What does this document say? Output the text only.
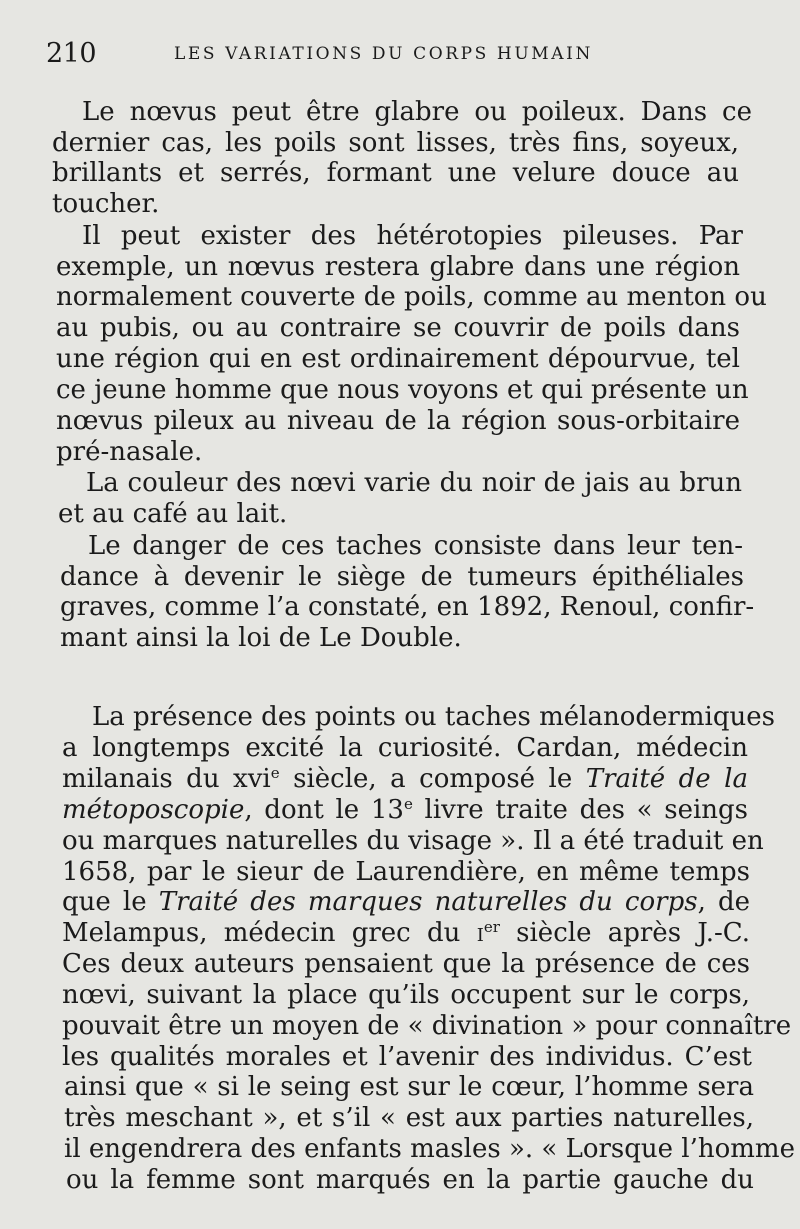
210	LES VARIATIONS DU CORPS HUMAIN
Le nœvus peut être glabre ou poileux. Dans ce
dernier cas, les poils sont lisses, très fins, soyeux,
brillants et serrés, formant une velure douce au
toucher.
Il peut exister des hétérotopies pileuses. Par
exemple, un nœvus restera glabre dans une région
normalement couverte de poils, comme au menton ou
au pubis, ou au contraire se couvrir de poils dans
une région qui en est ordinairement dépourvue, tel
ce jeune homme que nous voyons et qui présente un
nœvus pileux au niveau de la région sous-orbitaire
pré-nasale.
La couleur des nœvi varie du noir de jais au brun
et au café au lait.
Le danger de ces taches consiste dans leur ten-
dance à devenir le siège de tumeurs épithéliales
graves, comme l’a constaté, en 1892, Renoul, confir-
mant ainsi la loi de Le Double.
La présence des points ou taches mélanodermiques
a longtemps excité la curiosité. Cardan, médecin
milanais du xvi$^e$ siècle, a composé le Traité de la
métoposcopie, dont le 13e livre traite des « seings
ou marques naturelles du visage ». Il a été traduit en
1658, par le sieur de Laurendière, en même temps
que le Traité des marques naturelles du corps, de
Melampus, médecin grec du $i^{er}$ siècle après J.-C.
Ces deux auteurs pensaient que la présence de ces
nœvi, suivant la place qu’ils occupent sur le corps,
pouvait être un moyen de « divination » pour connaître
les qualités morales et l’avenir des individus. C’est
ainsi que « si le seing est sur le cœur, l’homme sera
très meschant », et s’il « est aux parties naturelles,
il engendrera des enfants masles ». « Lorsque l’homme
ou la femme sont marqués en la partie gauche du
